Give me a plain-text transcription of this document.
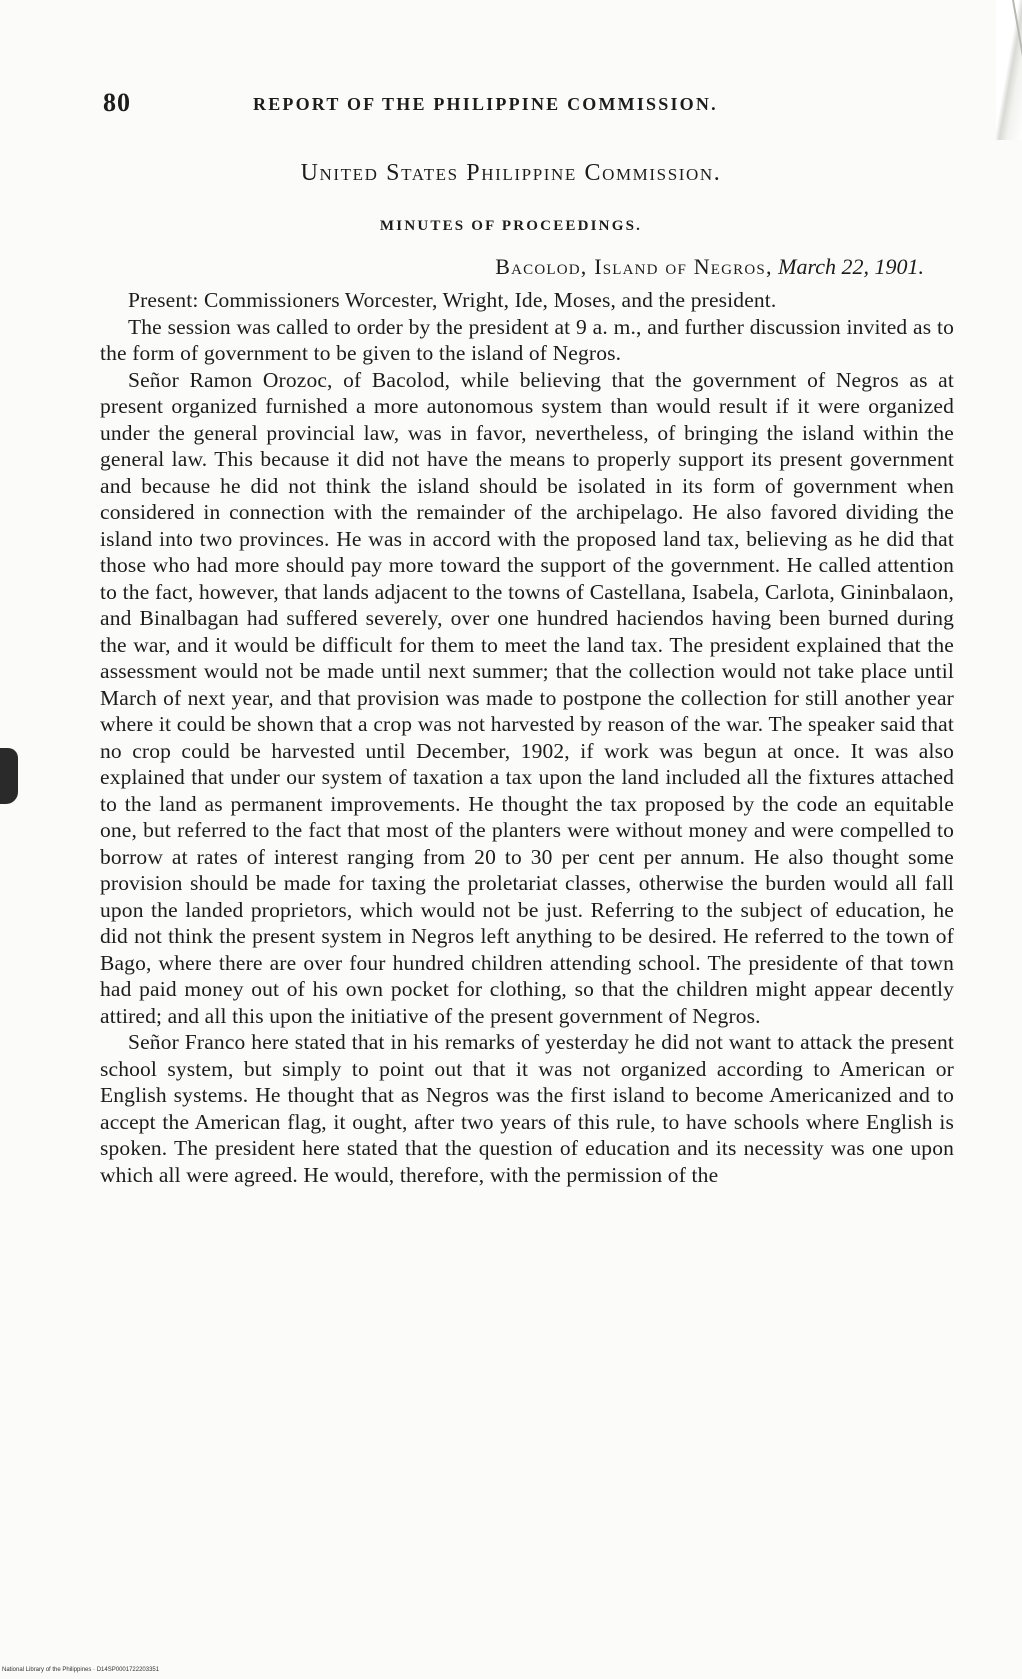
80	REPORT OF THE PHILIPPINE COMMISSION.
United States Philippine Commission.
MINUTES OF PROCEEDINGS.
Bacolod, Island of Negros, March 22, 1901.

Present: Commissioners Worcester, Wright, Ide, Moses, and the president.

The session was called to order by the president at 9 a. m., and further discussion invited as to the form of government to be given to the island of Negros.

Señor Ramon Orozoc, of Bacolod, while believing that the government of Negros as at present organized furnished a more autonomous system than would result if it were organized under the general provincial law, was in favor, nevertheless, of bringing the island within the general law. This because it did not have the means to properly support its present government and because he did not think the island should be isolated in its form of government when considered in connection with the remainder of the archipelago. He also favored dividing the island into two provinces. He was in accord with the proposed land tax, believing as he did that those who had more should pay more toward the support of the government. He called attention to the fact, however, that lands adjacent to the towns of Castellana, Isabela, Carlota, Gininbalaon, and Binalbagan had suffered severely, over one hundred haciendos having been burned during the war, and it would be difficult for them to meet the land tax. The president explained that the assessment would not be made until next summer; that the collection would not take place until March of next year, and that provision was made to postpone the collection for still another year where it could be shown that a crop was not harvested by reason of the war. The speaker said that no crop could be harvested until December, 1902, if work was begun at once. It was also explained that under our system of taxation a tax upon the land included all the fixtures attached to the land as permanent improvements. He thought the tax proposed by the code an equitable one, but referred to the fact that most of the planters were without money and were compelled to borrow at rates of interest ranging from 20 to 30 per cent per annum. He also thought some provision should be made for taxing the proletariat classes, otherwise the burden would all fall upon the landed proprietors, which would not be just. Referring to the subject of education, he did not think the present system in Negros left anything to be desired. He referred to the town of Bago, where there are over four hundred children attending school. The presidente of that town had paid money out of his own pocket for clothing, so that the children might appear decently attired; and all this upon the initiative of the present government of Negros.

Señor Franco here stated that in his remarks of yesterday he did not want to attack the present school system, but simply to point out that it was not organized according to American or English systems. He thought that as Negros was the first island to become Americanized and to accept the American flag, it ought, after two years of this rule, to have schools where English is spoken. The president here stated that the question of education and its necessity was one upon which all were agreed. He would, therefore, with the permission of the

National Library of the Philippines · D14SP0001722203351
